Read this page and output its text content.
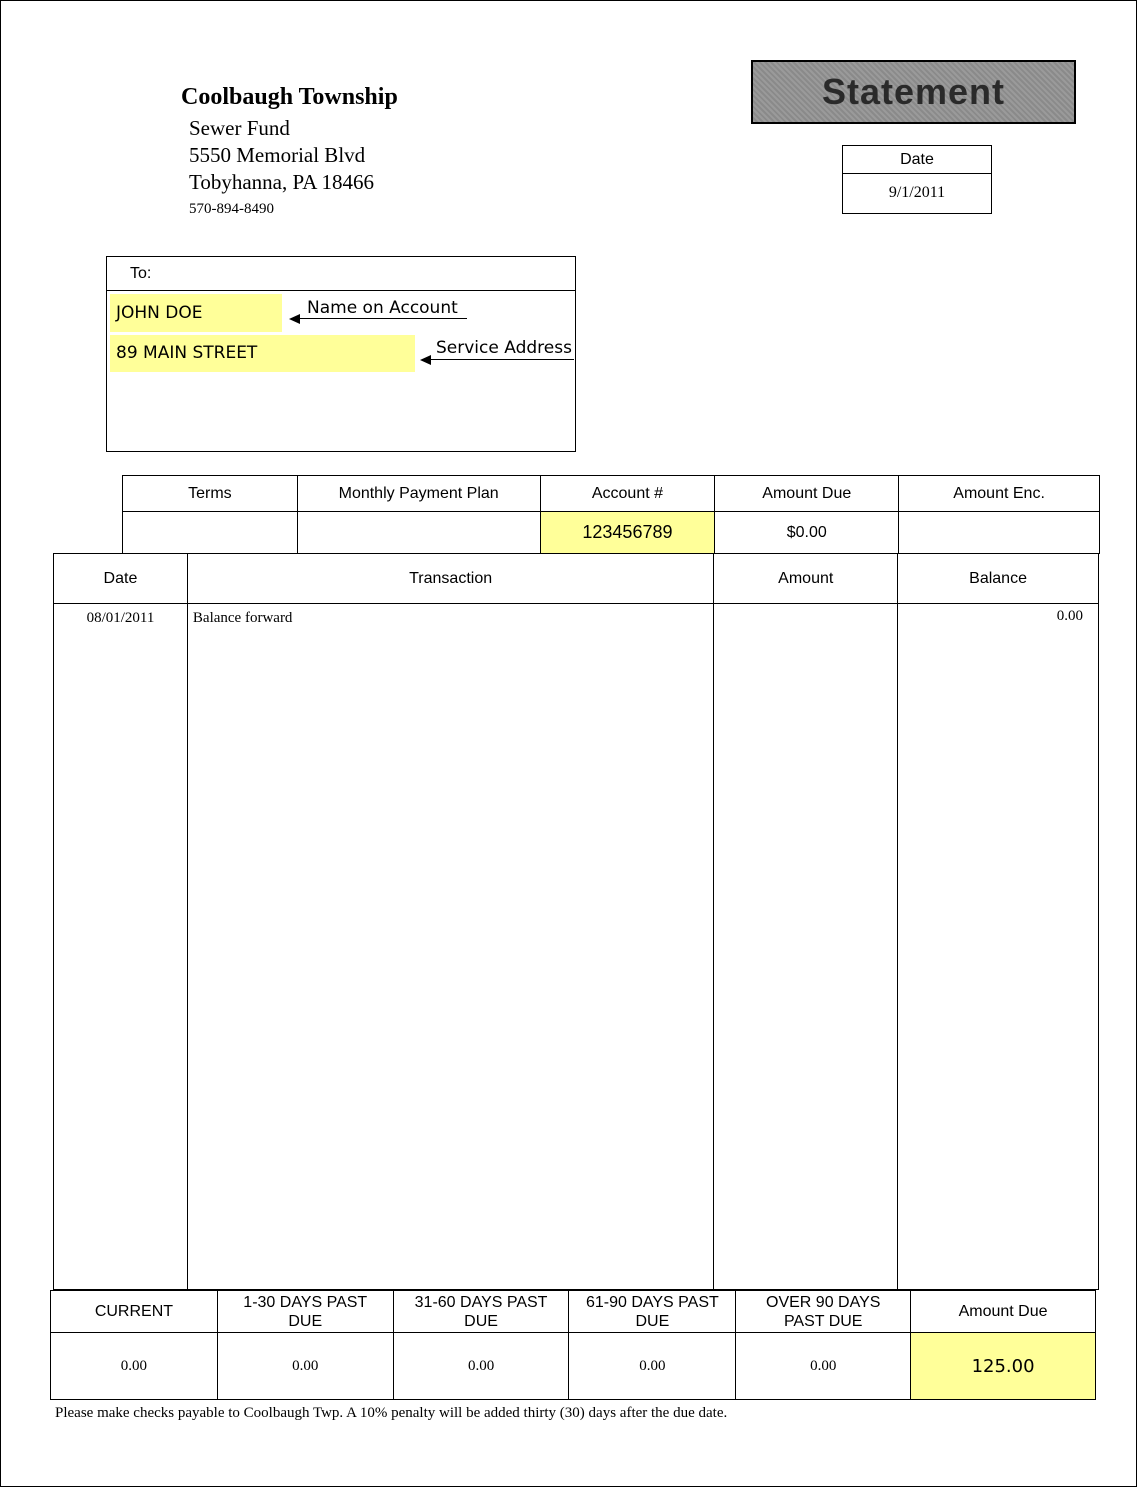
Coolbaugh Township
Sewer Fund
5550 Memorial Blvd
Tobyhanna, PA 18466
570-894-8490
Statement
Date
9/1/2011
To:
JOHN DOE
89 MAIN STREET
Name on Account
Service Address
Terms	Monthly Payment Plan	Account #	Amount Due	Amount Enc.
		123456789	$0.00	
Date	Transaction	Amount	Balance
08/01/2011	Balance forward		0.00
CURRENT	1-30 DAYS PAST DUE	31-60 DAYS PAST DUE	61-90 DAYS PAST DUE	OVER 90 DAYS PAST DUE	Amount Due
0.00	0.00	0.00	0.00	0.00	125.00
Please make checks payable to Coolbaugh Twp. A 10% penalty will be added thirty (30) days after the due date.
